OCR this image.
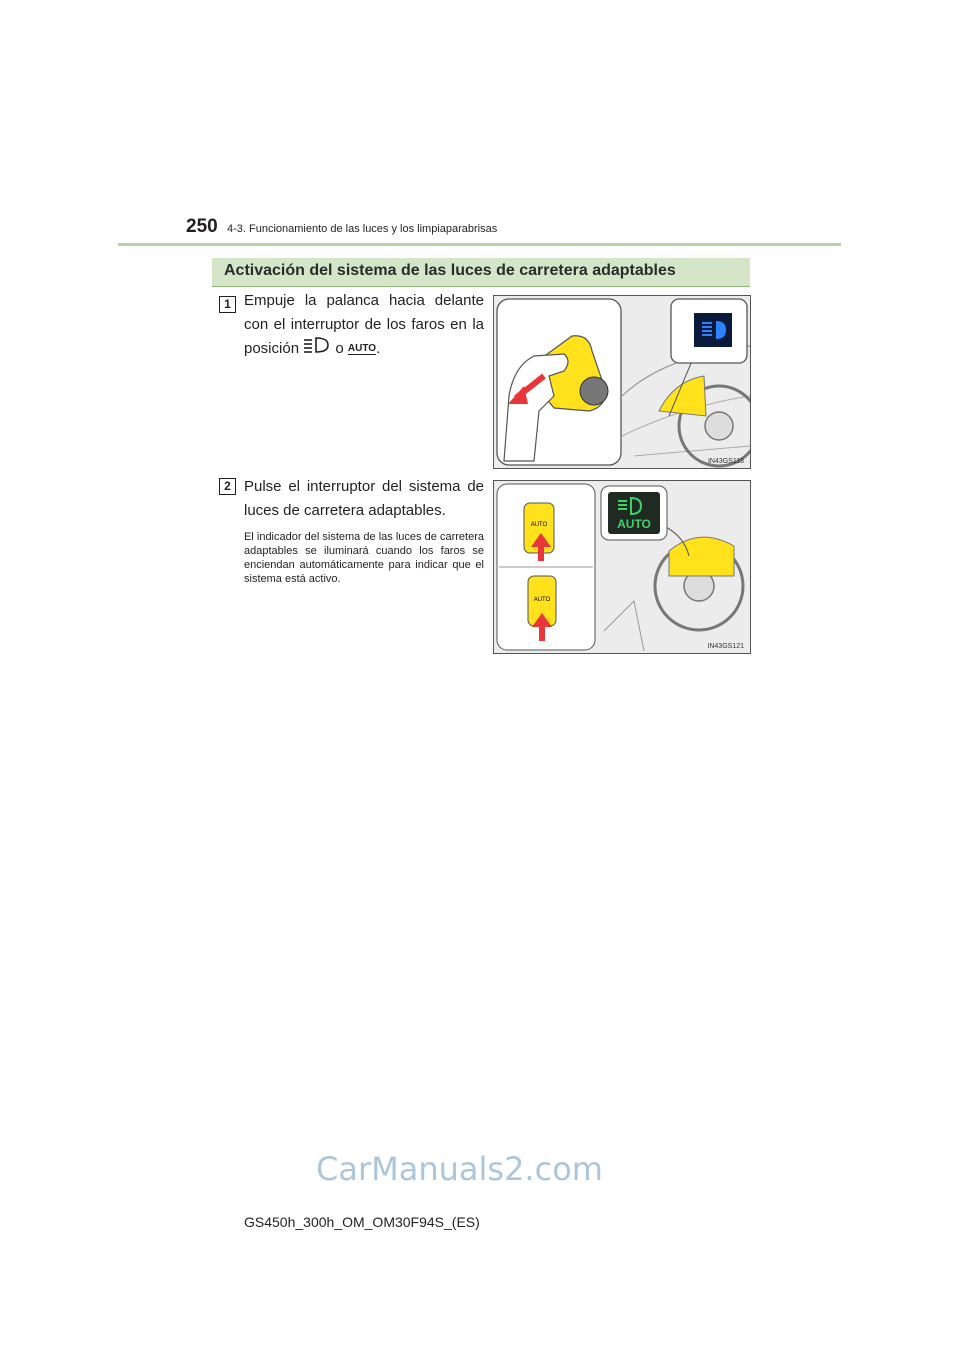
250 4-3. Funcionamiento de las luces y los limpiaparabrisas
Activación del sistema de las luces de carretera adaptables
1 Empuje la palanca hacia delante con el interruptor de los faros en la posición o AUTO.
IN43GS118
2 Pulse el interruptor del sistema de luces de carretera adaptables.
El indicador del sistema de las luces de carretera adaptables se iluminará cuando los faros se enciendan automáticamente para indicar que el sistema está activo.
AUTO
AUTO
AUTO
IN43GS121
CarManuals2.com
GS450h_300h_OM_OM30F94S_(ES)
